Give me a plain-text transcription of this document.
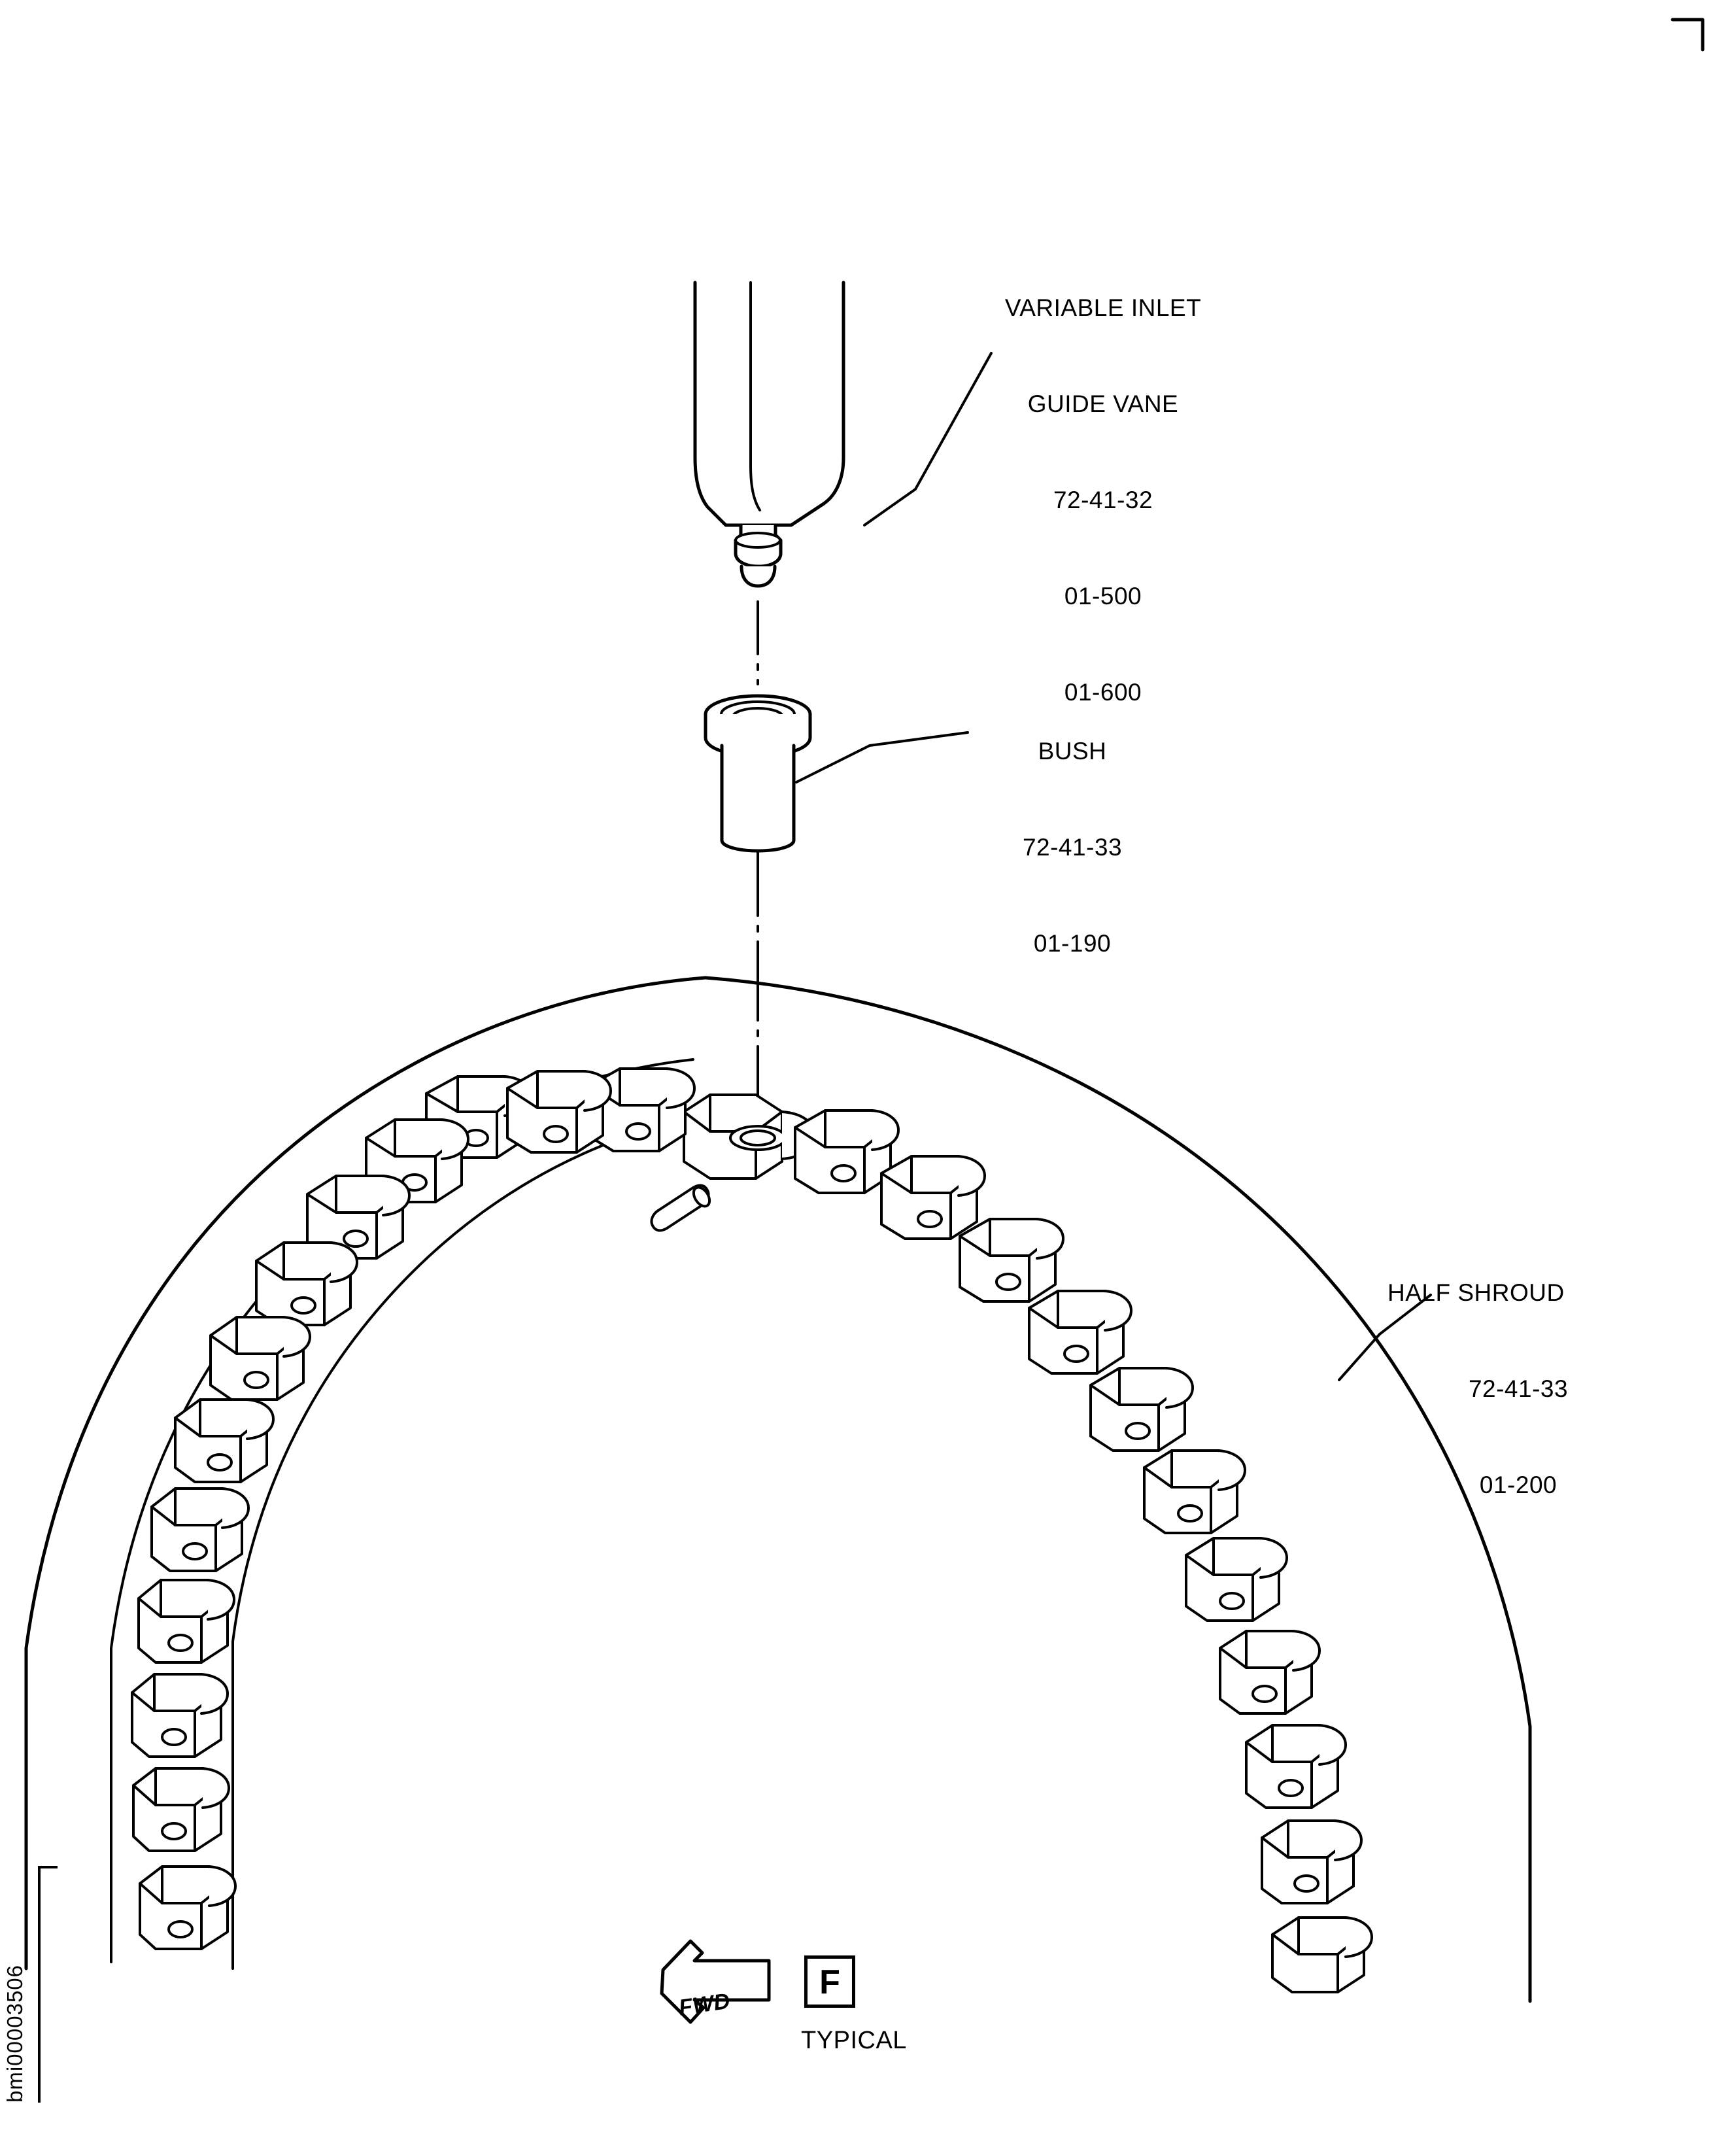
VARIABLE INLET

GUIDE VANE

72-41-32

01-500

01-600

BUSH

72-41-33

01-190

HALF SHROUD

72-41-33

01-200

FWD
F
TYPICAL
bmi00003506
